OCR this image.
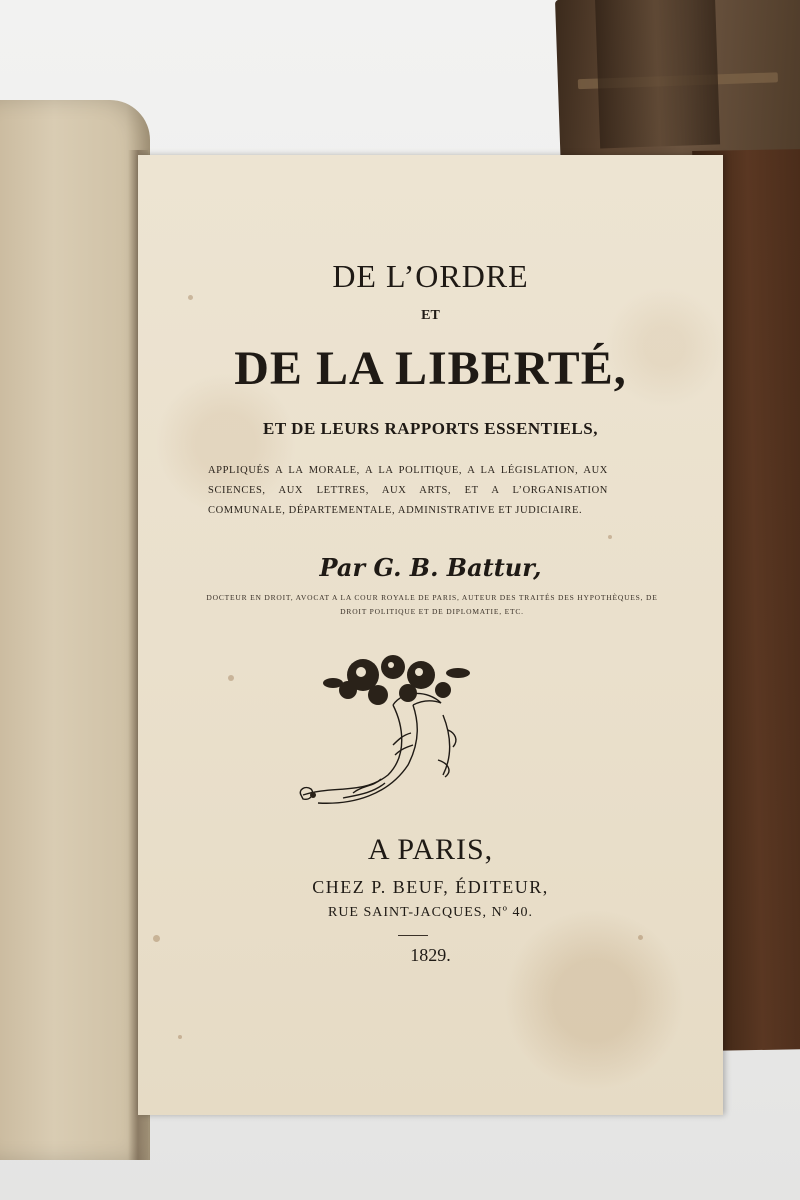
DE L’ORDRE
ET
DE LA LIBERTÉ,
ET DE LEURS RAPPORTS ESSENTIELS,
APPLIQUÉS A LA MORALE, A LA POLITIQUE, A LA LÉGISLATION, AUX SCIENCES, AUX LETTRES, AUX ARTS, ET A L’ORGANISATION COMMUNALE, DÉPARTEMENTALE, ADMINISTRATIVE ET JUDICIAIRE.
Par G. B. Battur,
DOCTEUR EN DROIT, AVOCAT A LA COUR ROYALE DE PARIS, AUTEUR DES TRAITÉS DES HYPOTHÈQUES, DE DROIT POLITIQUE ET DE DIPLOMATIE, ETC.
A PARIS,
CHEZ P. BEUF, ÉDITEUR,
RUE SAINT-JACQUES, Nº 40.
1829.
